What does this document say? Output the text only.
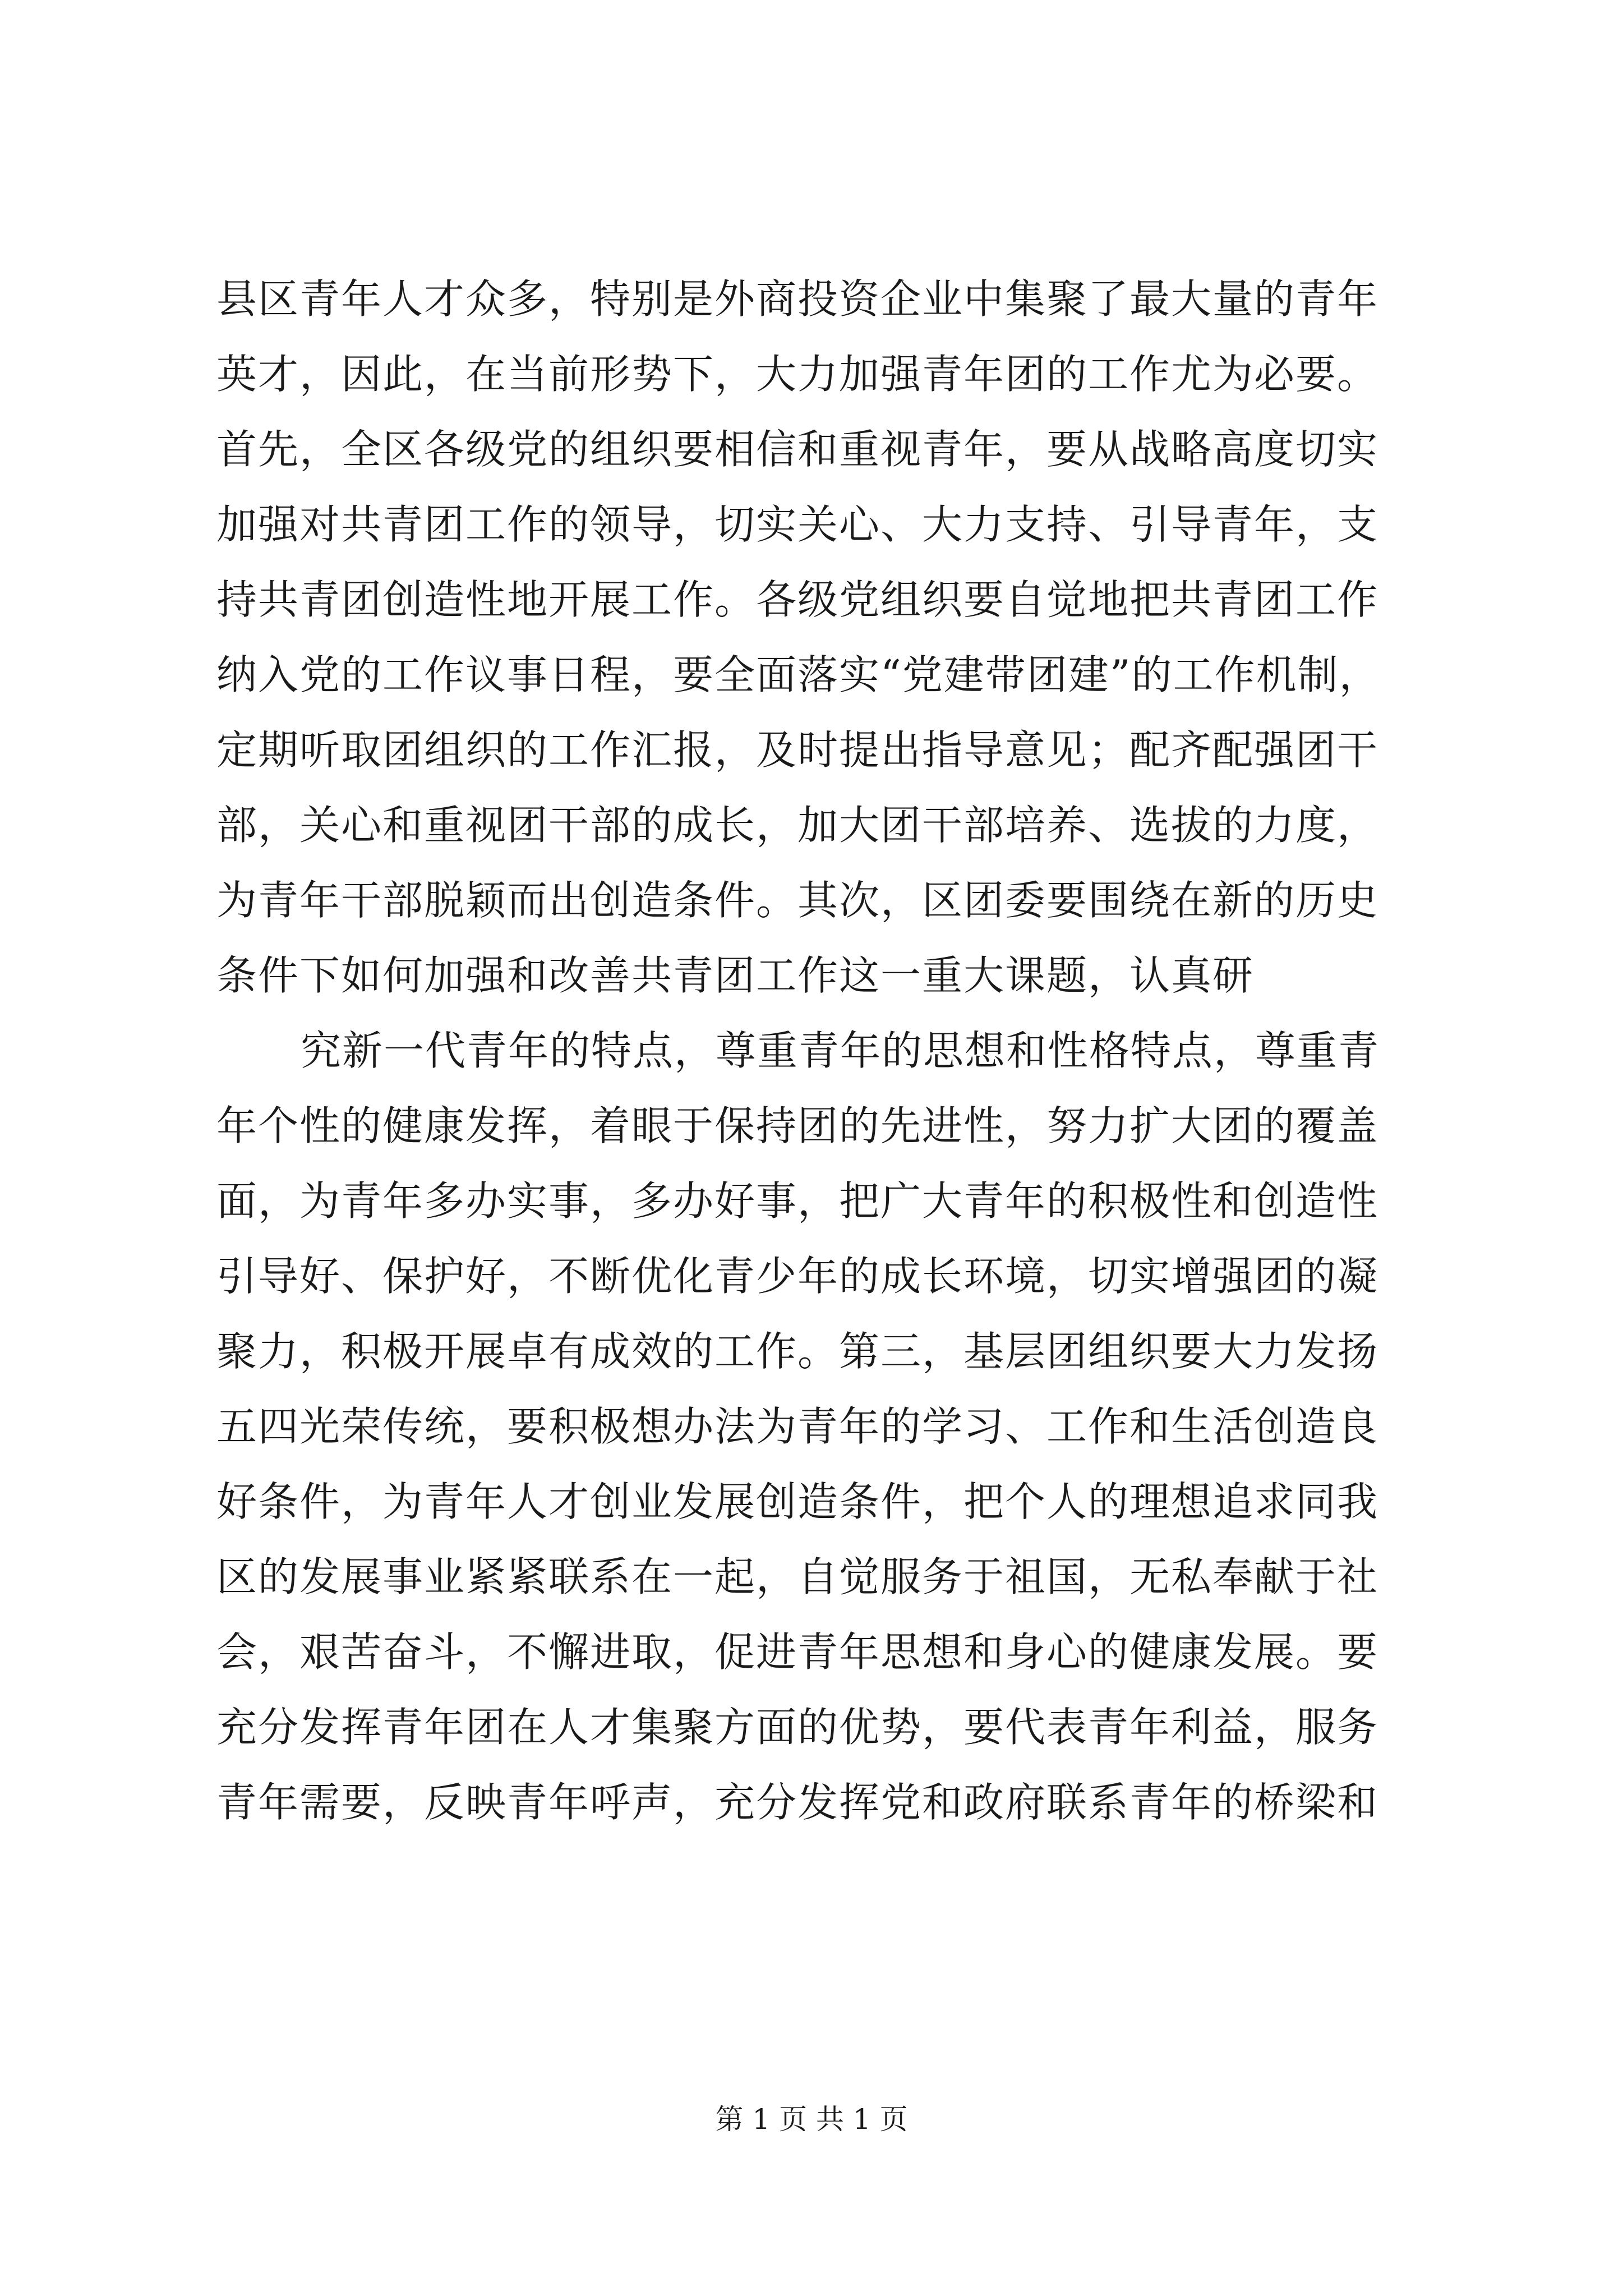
县区青年人才众多，特别是外商投资企业中集聚了最大量的青年
英才，因此，在当前形势下，大力加强青年团的工作尤为必要。
首先，全区各级党的组织要相信和重视青年，要从战略高度切实
加强对共青团工作的领导，切实关心、大力支持、引导青年，支
持共青团创造性地开展工作。各级党组织要自觉地把共青团工作
纳入党的工作议事日程，要全面落实“党建带团建”的工作机制，
定期听取团组织的工作汇报，及时提出指导意见；配齐配强团干
部，关心和重视团干部的成长，加大团干部培养、选拔的力度，
为青年干部脱颖而出创造条件。其次，区团委要围绕在新的历史
条件下如何加强和改善共青团工作这一重大课题，认真研
究新一代青年的特点，尊重青年的思想和性格特点，尊重青
年个性的健康发挥，着眼于保持团的先进性，努力扩大团的覆盖
面，为青年多办实事，多办好事，把广大青年的积极性和创造性
引导好、保护好，不断优化青少年的成长环境，切实增强团的凝
聚力，积极开展卓有成效的工作。第三，基层团组织要大力发扬
五四光荣传统，要积极想办法为青年的学习、工作和生活创造良
好条件，为青年人才创业发展创造条件，把个人的理想追求同我
区的发展事业紧紧联系在一起，自觉服务于祖国，无私奉献于社
会，艰苦奋斗，不懈进取，促进青年思想和身心的健康发展。要
充分发挥青年团在人才集聚方面的优势，要代表青年利益，服务
青年需要，反映青年呼声，充分发挥党和政府联系青年的桥梁和
第 1 页 共 1 页
